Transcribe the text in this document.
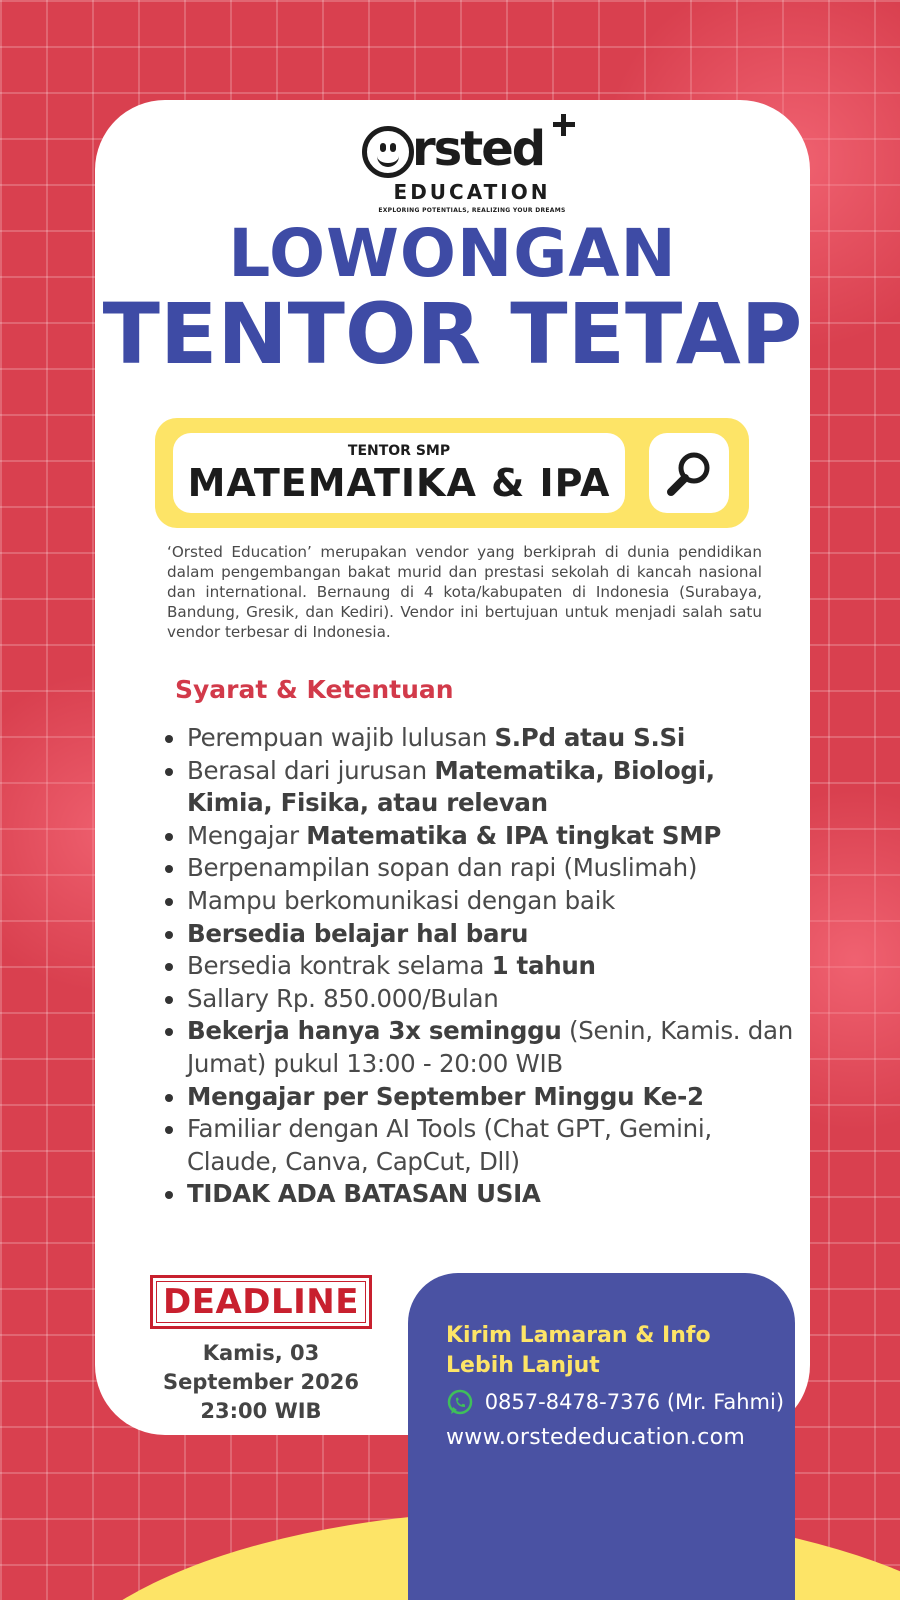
rsted
EDUCATION
EXPLORING POTENTIALS, REALIZING YOUR DREAMS
LOWONGAN
TENTOR TETAP
TENTOR SMP
MATEMATIKA & IPA
‘Orsted Education’ merupakan vendor yang berkiprah di dunia pendidikan dalam pengembangan bakat murid dan prestasi sekolah di kancah nasional dan international. Bernaung di 4 kota/kabupaten di Indonesia (Surabaya, Bandung, Gresik, dan Kediri). Vendor ini bertujuan untuk menjadi salah satu vendor terbesar di Indonesia.
Syarat & Ketentuan
Perempuan wajib lulusan S.Pd atau S.Si
Berasal dari jurusan Matematika, Biologi, Kimia, Fisika, atau relevan
Mengajar Matematika & IPA tingkat SMP
Berpenampilan sopan dan rapi (Muslimah)
Mampu berkomunikasi dengan baik
Bersedia belajar hal baru
Bersedia kontrak selama 1 tahun
Sallary Rp. 850.000/Bulan
Bekerja hanya 3x seminggu (Senin, Kamis. dan Jumat) pukul 13:00 - 20:00 WIB
Mengajar per September Minggu Ke-2
Familiar dengan AI Tools (Chat GPT, Gemini, Claude, Canva, CapCut, Dll)
TIDAK ADA BATASAN USIA
DEADLINE
Kamis, 03
September 2026
23:00 WIB
Kirim Lamaran & Info Lebih Lanjut
0857-8478-7376 (Mr. Fahmi)
www.orstededucation.com
